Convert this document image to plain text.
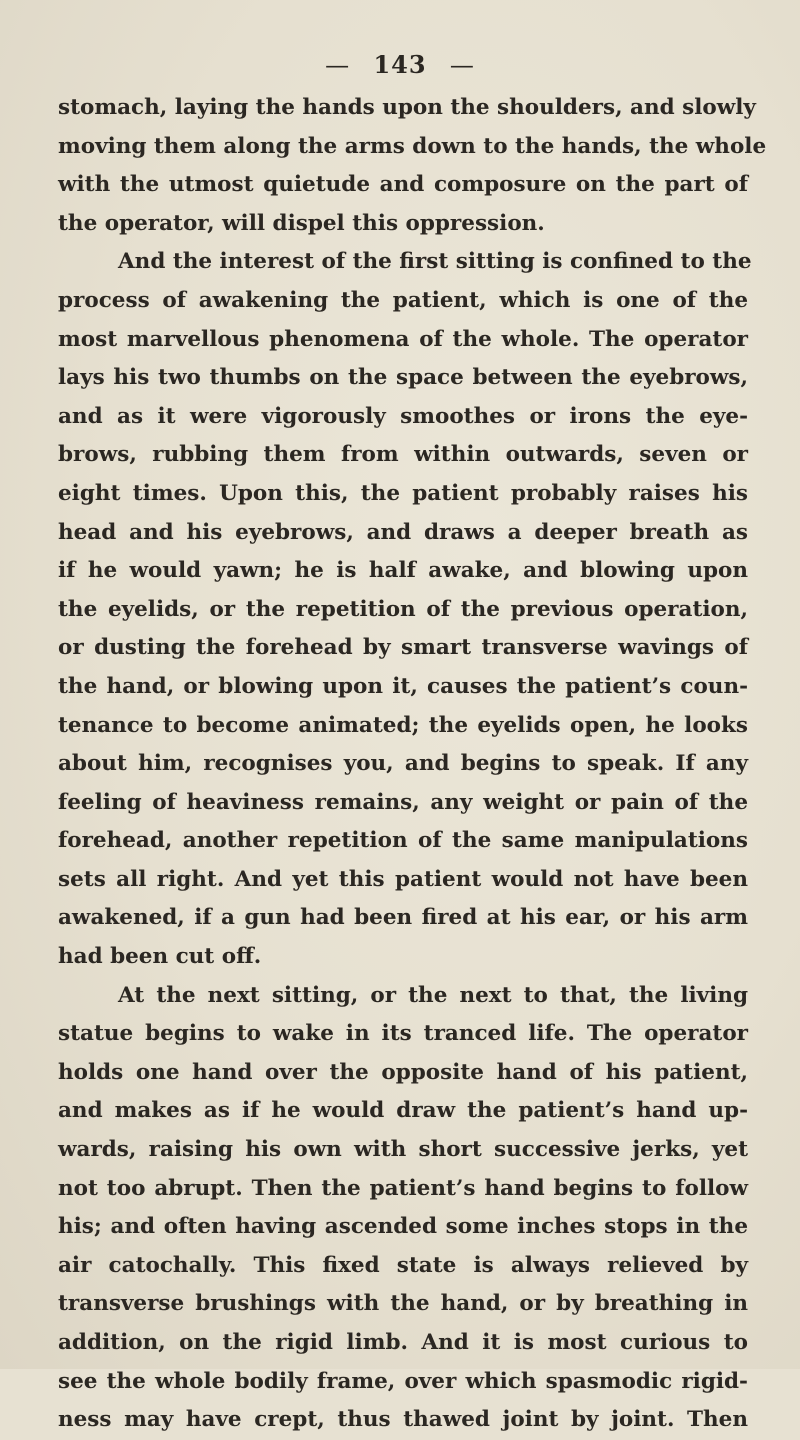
— 143 —
stomach, laying the hands upon the shoulders, and slowly
moving them along the arms down to the hands, the whole
with the utmost quietude and composure on the part of
the operator, will dispel this oppression.
And the interest of the first sitting is confined to the
process of awakening the patient, which is one of the
most marvellous phenomena of the whole. The operator
lays his two thumbs on the space between the eyebrows,
and as it were vigorously smoothes or irons the eye-
brows, rubbing them from within outwards, seven or
eight times. Upon this, the patient probably raises his
head and his eyebrows, and draws a deeper breath as
if he would yawn; he is half awake, and blowing upon
the eyelids, or the repetition of the previous operation,
or dusting the forehead by smart transverse wavings of
the hand, or blowing upon it, causes the patient’s coun-
tenance to become animated; the eyelids open, he looks
about him, recognises you, and begins to speak. If any
feeling of heaviness remains, any weight or pain of the
forehead, another repetition of the same manipulations
sets all right. And yet this patient would not have been
awakened, if a gun had been fired at his ear, or his arm
had been cut off.
At the next sitting, or the next to that, the living
statue begins to wake in its tranced life. The operator
holds one hand over the opposite hand of his patient,
and makes as if he would draw the patient’s hand up-
wards, raising his own with short successive jerks, yet
not too abrupt. Then the patient’s hand begins to follow
his; and often having ascended some inches stops in the
air catochally. This fixed state is always relieved by
transverse brushings with the hand, or by breathing in
addition, on the rigid limb. And it is most curious to
see the whole bodily frame, over which spasmodic rigid-
ness may have crept, thus thawed joint by joint. Then
